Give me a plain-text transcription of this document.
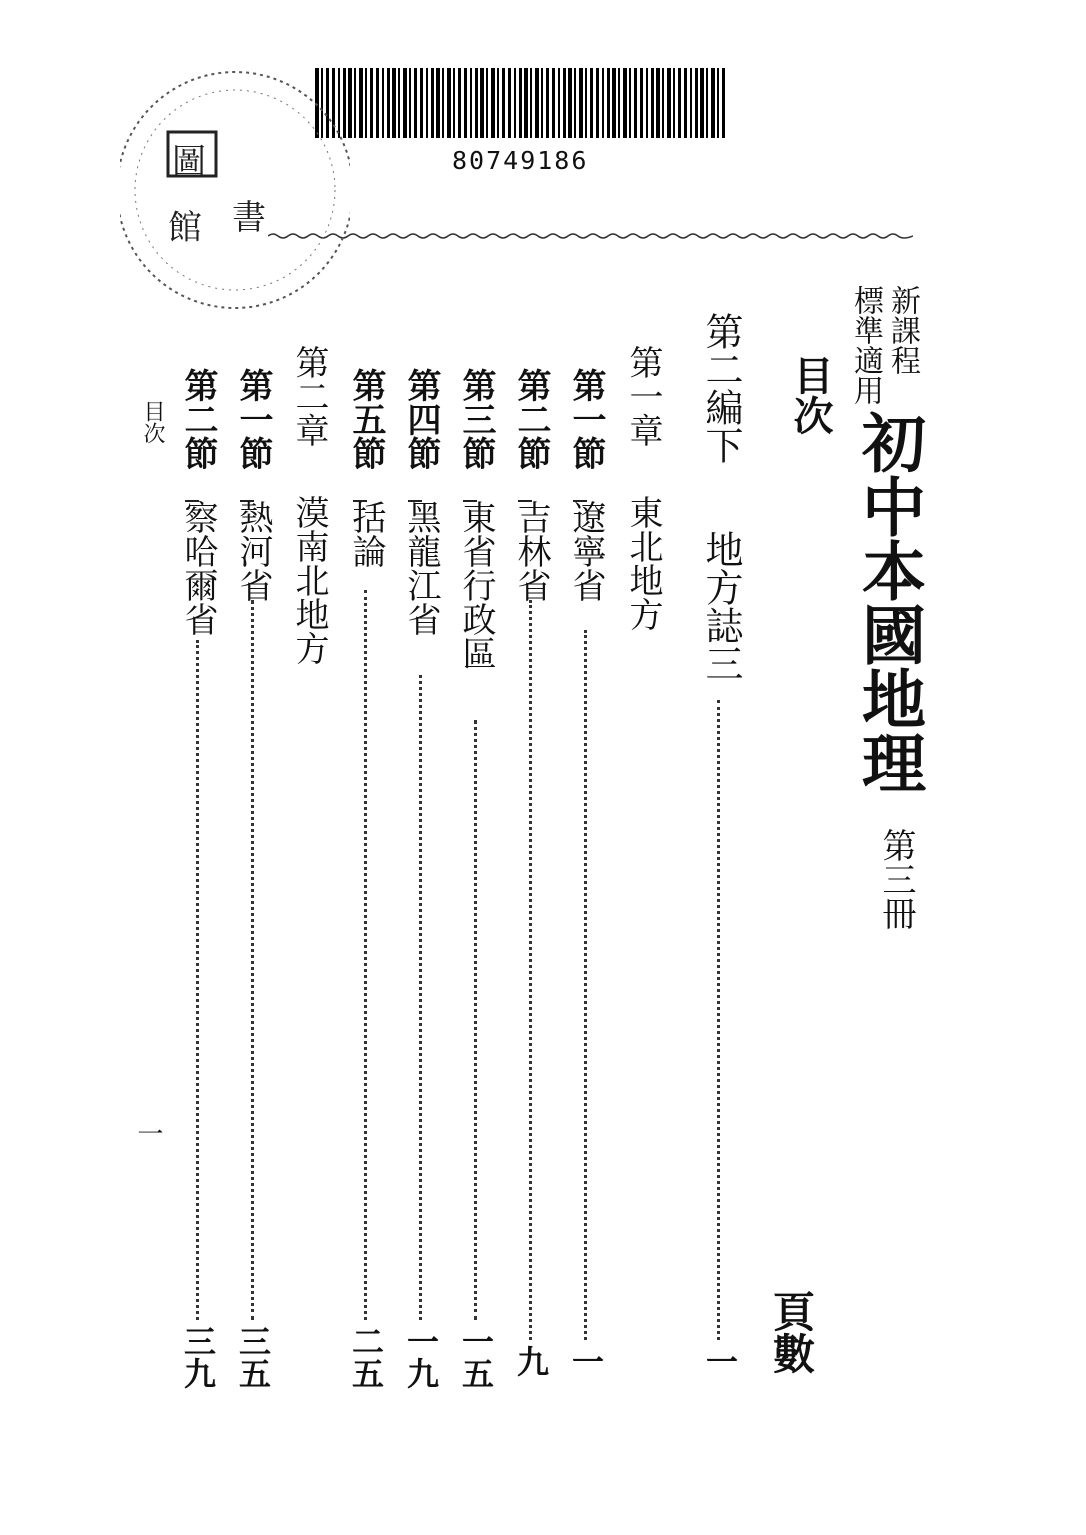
80749186
圖
館 書
新課程
標準適用
初中本國地理
第三冊
目次
頁數
第二編下
地方誌三
一
第一章
東北地方
第一節
遼寧省
一
第二節
吉林省
九
第三節
東省行政區
一五
第四節
黑龍江省
一九
第五節
括論
二五
第二章
漠南北地方
第一節
熱河省
三五
第二節
察哈爾省
三九
目次
一
